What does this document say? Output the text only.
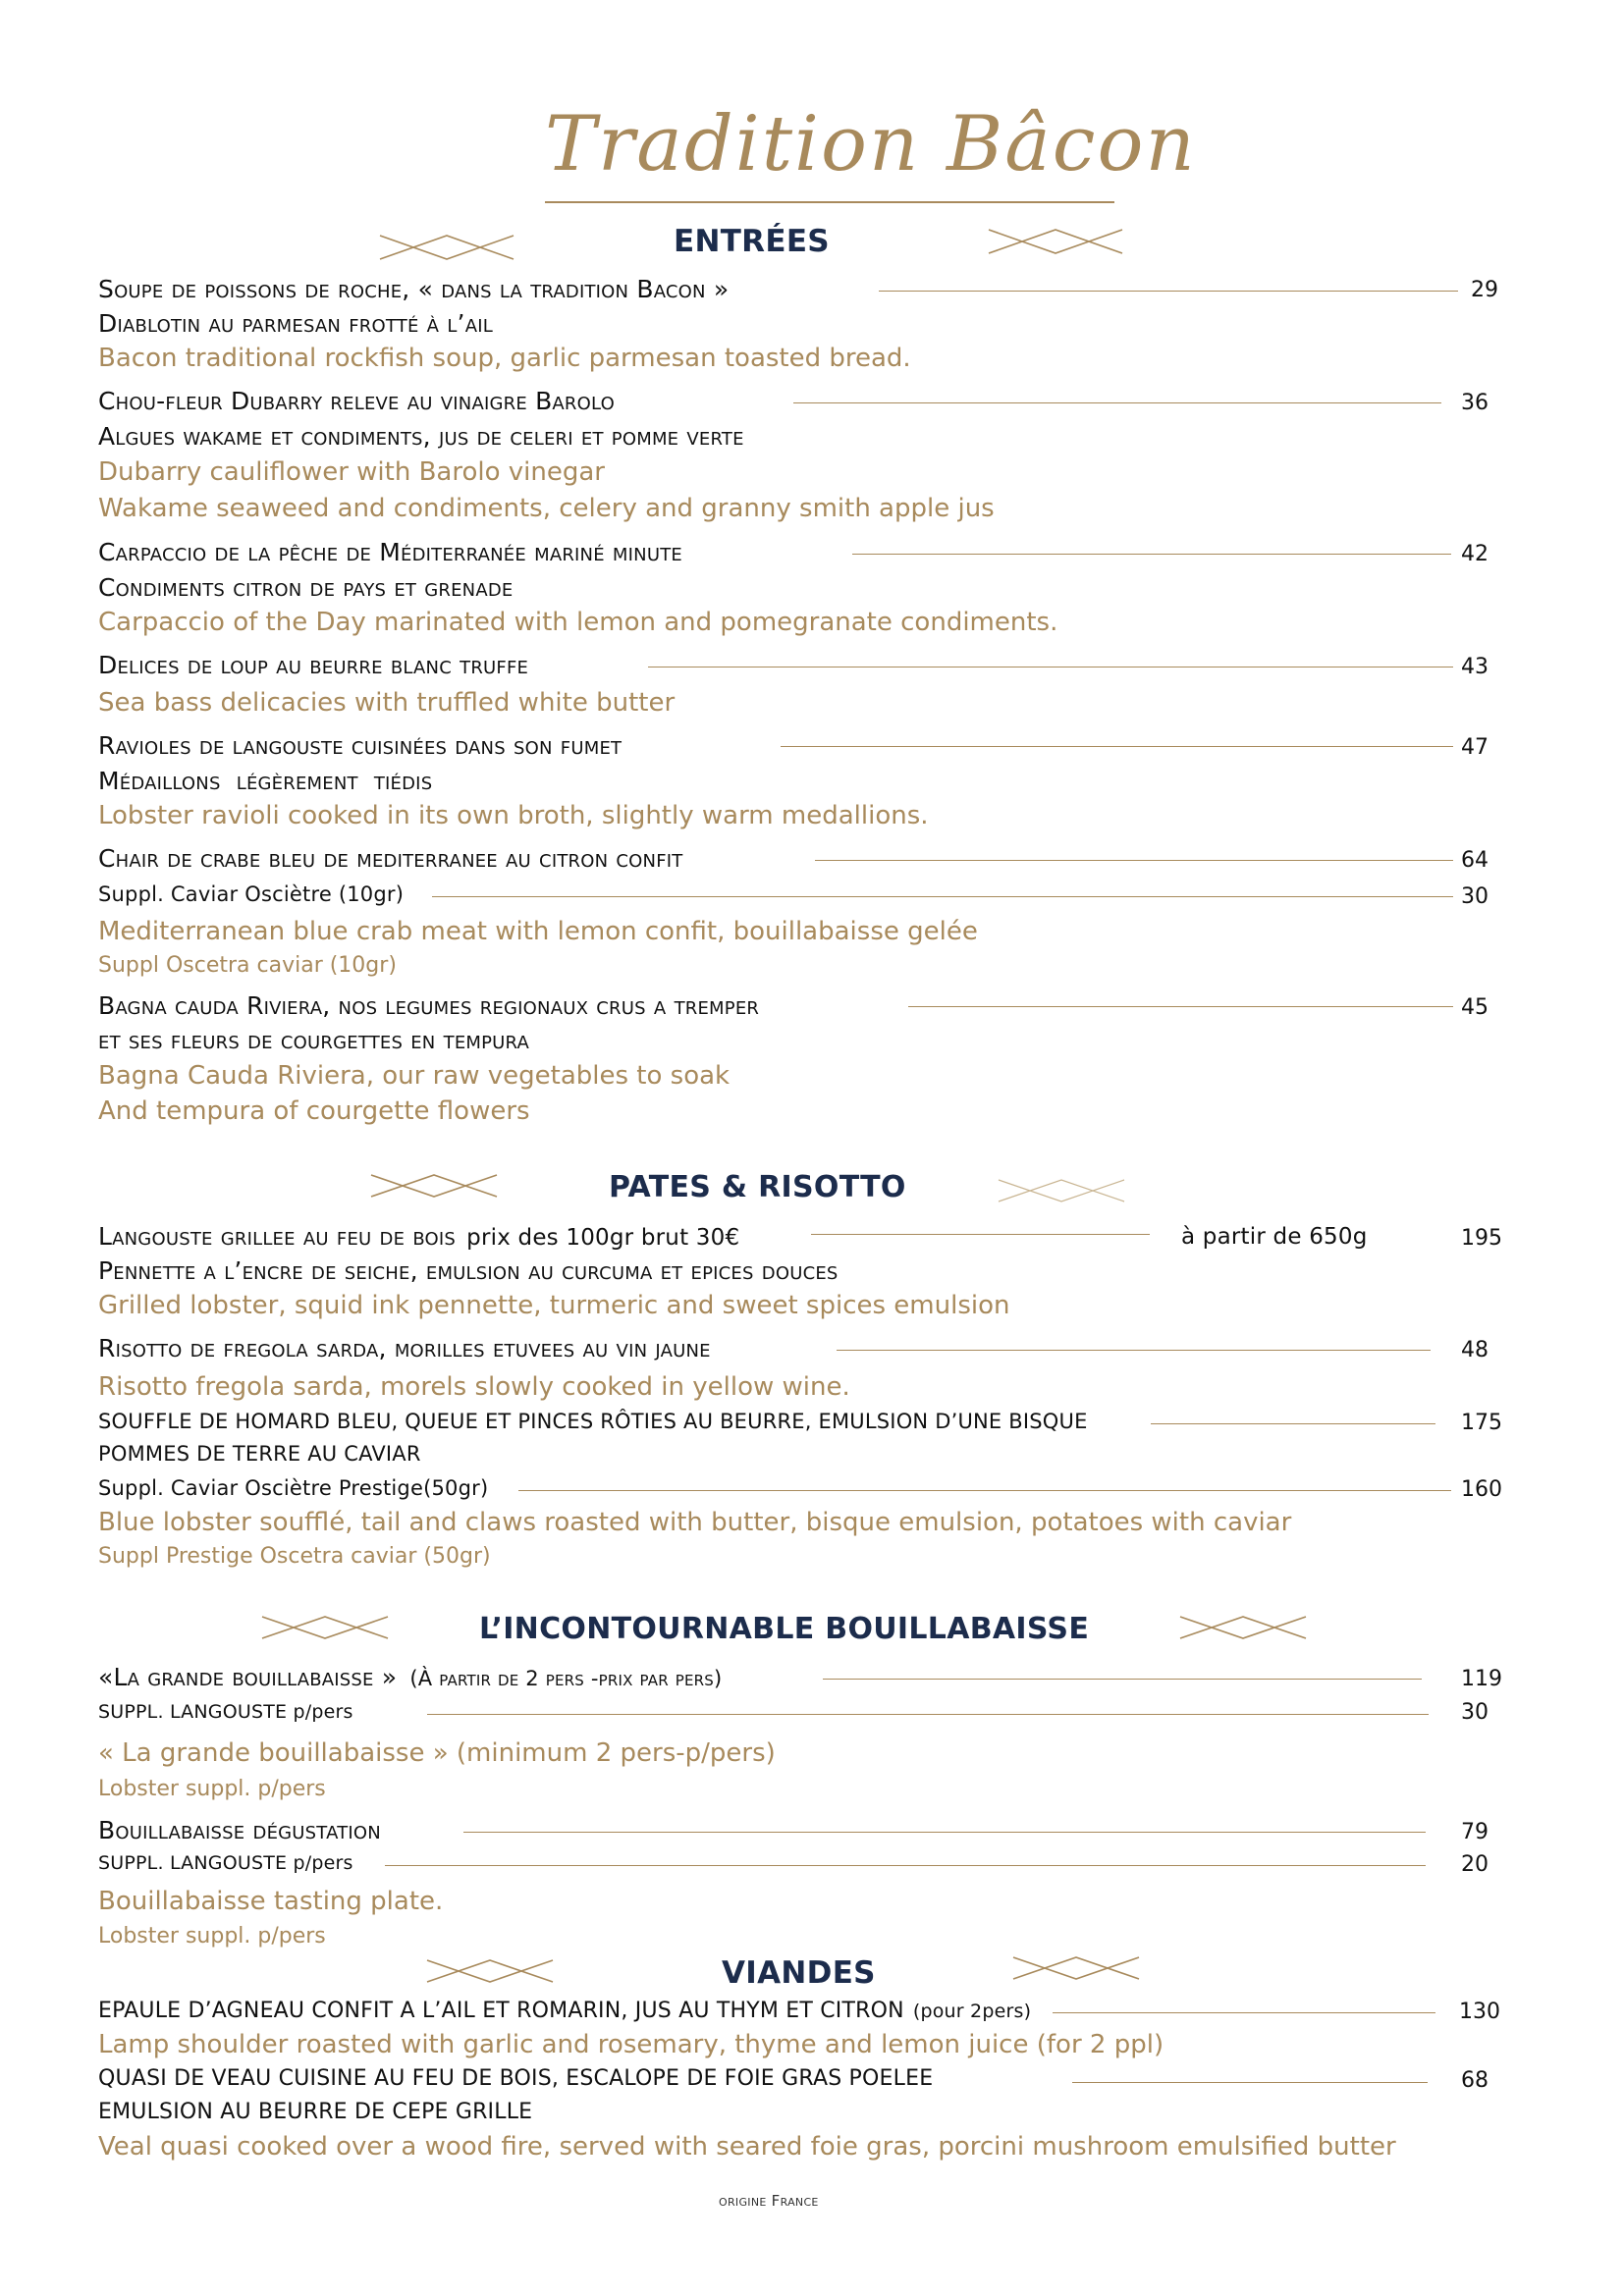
Tradition Bâcon
ENTRÉES
Soupe de poissons de roche, « dans la tradition Bacon »	29
Diablotin au parmesan frotté à l’ail
Bacon traditional rockfish soup, garlic parmesan toasted bread.
Chou-fleur Dubarry releve au vinaigre Barolo	36
Algues wakame et condiments, jus de celeri et pomme verte
Dubarry cauliflower with Barolo vinegar
Wakame seaweed and condiments, celery and granny smith apple jus
Carpaccio de la pêche de Méditerranée mariné minute	42
Condiments citron de pays et grenade
Carpaccio of the Day marinated with lemon and pomegranate condiments.
Delices de loup au beurre blanc truffe	43
Sea bass delicacies with truffled white butter
Ravioles de langouste cuisinées dans son fumet	47
Médaillons légèrement tiédis
Lobster ravioli cooked in its own broth, slightly warm medallions.
Chair de crabe bleu de mediterranee au citron confit	64
Suppl. Caviar Osciètre (10gr)	30
Mediterranean blue crab meat with lemon confit, bouillabaisse gelée
Suppl Oscetra caviar (10gr)
Bagna cauda Riviera, nos legumes regionaux crus a tremper	45
et ses fleurs de courgettes en tempura
Bagna Cauda Riviera, our raw vegetables to soak
And tempura of courgette flowers
PATES & RISOTTO
Langouste grillee au feu de bois prix des 100gr brut 30€	à partir de 650g	195
Pennette a l’encre de seiche, emulsion au curcuma et epices douces
Grilled lobster, squid ink pennette, turmeric and sweet spices emulsion
Risotto de fregola sarda, morilles etuvees au vin jaune	48
Risotto fregola sarda, morels slowly cooked in yellow wine.
SOUFFLE DE HOMARD BLEU, QUEUE ET PINCES RÔTIES AU BEURRE, EMULSION D’UNE BISQUE	175
POMMES DE TERRE AU CAVIAR
Suppl. Caviar Osciètre Prestige(50gr)	160
Blue lobster soufflé, tail and claws roasted with butter, bisque emulsion, potatoes with caviar
Suppl Prestige Oscetra caviar (50gr)
L’INCONTOURNABLE BOUILLABAISSE
«La grande bouillabaisse » (À partir de 2 pers -prix par pers)	119
SUPPL. LANGOUSTE p/pers	30
« La grande bouillabaisse » (minimum 2 pers-p/pers)
Lobster suppl. p/pers
Bouillabaisse dégustation	79
SUPPL. LANGOUSTE p/pers	20
Bouillabaisse tasting plate.
Lobster suppl. p/pers
VIANDES
EPAULE D’AGNEAU CONFIT A L’AIL ET ROMARIN, JUS AU THYM ET CITRON (pour 2pers)	130
Lamp shoulder roasted with garlic and rosemary, thyme and lemon juice (for 2 ppl)
QUASI DE VEAU CUISINE AU FEU DE BOIS, ESCALOPE DE FOIE GRAS POELEE	68
EMULSION AU BEURRE DE CEPE GRILLE
Veal quasi cooked over a wood fire, served with seared foie gras, porcini mushroom emulsified butter
origine France
